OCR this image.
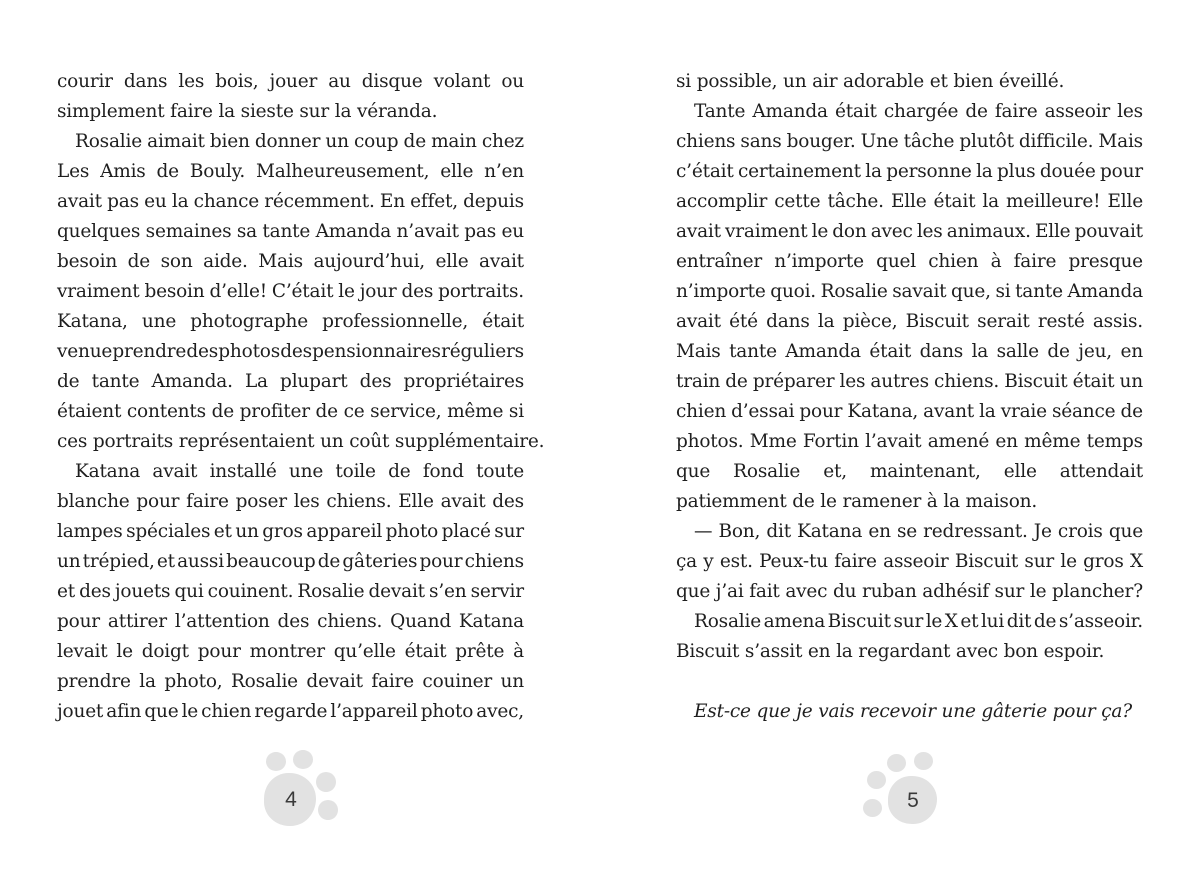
courir dans les bois, jouer au disque volant ou
simplement faire la sieste sur la véranda.
Rosalie aimait bien donner un coup de main chez
Les Amis de Bouly. Malheureusement, elle n’en
avait pas eu la chance récemment. En effet, depuis
quelques semaines sa tante Amanda n’avait pas eu
besoin de son aide. Mais aujourd’hui, elle avait
vraiment besoin d’elle! C’était le jour des portraits.
Katana, une photographe professionnelle, était
venue prendre des photos des pensionnaires réguliers
de tante Amanda. La plupart des propriétaires
étaient contents de profiter de ce service, même si
ces portraits représentaient un coût supplémentaire.
Katana avait installé une toile de fond toute
blanche pour faire poser les chiens. Elle avait des
lampes spéciales et un gros appareil photo placé sur
un trépied, et aussi beaucoup de gâteries pour chiens
et des jouets qui couinent. Rosalie devait s’en servir
pour attirer l’attention des chiens. Quand Katana
levait le doigt pour montrer qu’elle était prête à
prendre la photo, Rosalie devait faire couiner un
jouet afin que le chien regarde l’appareil photo avec,
4
si possible, un air adorable et bien éveillé.
Tante Amanda était chargée de faire asseoir les
chiens sans bouger. Une tâche plutôt difficile. Mais
c’était certainement la personne la plus douée pour
accomplir cette tâche. Elle était la meilleure! Elle
avait vraiment le don avec les animaux. Elle pouvait
entraîner n’importe quel chien à faire presque
n’importe quoi. Rosalie savait que, si tante Amanda
avait été dans la pièce, Biscuit serait resté assis.
Mais tante Amanda était dans la salle de jeu, en
train de préparer les autres chiens. Biscuit était un
chien d’essai pour Katana, avant la vraie séance de
photos. Mme Fortin l’avait amené en même temps
que Rosalie et, maintenant, elle attendait
patiemment de le ramener à la maison.
— Bon, dit Katana en se redressant. Je crois que
ça y est. Peux-tu faire asseoir Biscuit sur le gros X
que j’ai fait avec du ruban adhésif sur le plancher?
Rosalie amena Biscuit sur le X et lui dit de s’asseoir.
Biscuit s’assit en la regardant avec bon espoir.
Est-ce que je vais recevoir une gâterie pour ça?
5
